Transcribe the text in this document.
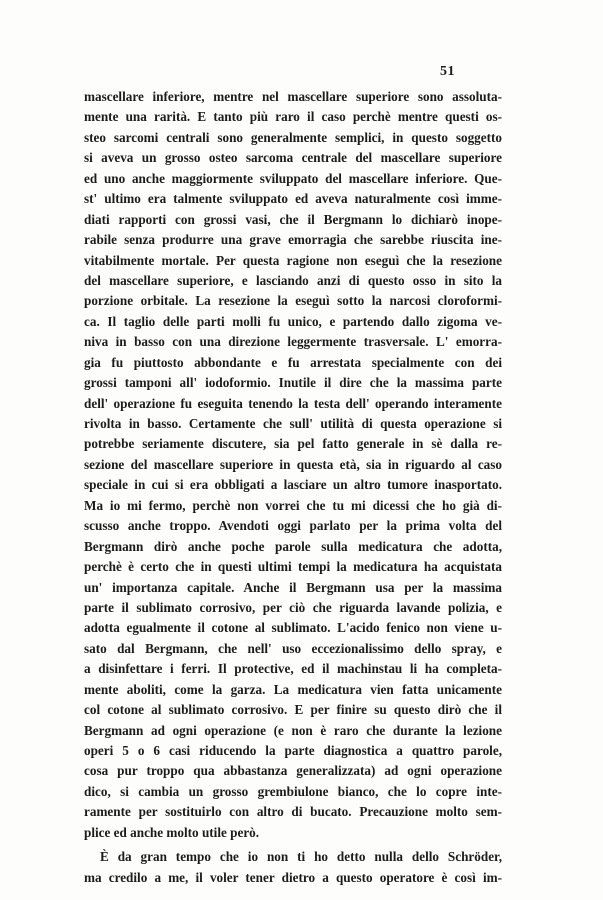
51
mascellare inferiore, mentre nel mascellare superiore sono assoluta-
mente una rarità. E tanto più raro il caso perchè mentre questi os-
steo sarcomi centrali sono generalmente semplici, in questo soggetto
si aveva un grosso osteo sarcoma centrale del mascellare superiore
ed uno anche maggiormente sviluppato del mascellare inferiore. Que-
st' ultimo era talmente sviluppato ed aveva naturalmente così imme-
diati rapporti con grossi vasi, che il Bergmann lo dichiarò inope-
rabile senza produrre una grave emorragia che sarebbe riuscita ine-
vitabilmente mortale. Per questa ragione non eseguì che la resezione
del mascellare superiore, e lasciando anzi di questo osso in sito la
porzione orbitale. La resezione la eseguì sotto la narcosi cloroformi-
ca. Il taglio delle parti molli fu unico, e partendo dallo zigoma ve-
niva in basso con una direzione leggermente trasversale. L' emorra-
gia fu piuttosto abbondante e fu arrestata specialmente con dei
grossi tamponi all' iodoformio. Inutile il dire che la massima parte
dell' operazione fu eseguita tenendo la testa dell' operando interamente
rivolta in basso. Certamente che sull' utilità di questa operazione si
potrebbe seriamente discutere, sia pel fatto generale in sè dalla re-
sezione del mascellare superiore in questa età, sia in riguardo al caso
speciale in cui si era obbligati a lasciare un altro tumore inasportato.
Ma io mi fermo, perchè non vorrei che tu mi dicessi che ho già di-
scusso anche troppo. Avendoti oggi parlato per la prima volta del
Bergmann dirò anche poche parole sulla medicatura che adotta,
perchè è certo che in questi ultimi tempi la medicatura ha acquistata
un' importanza capitale. Anche il Bergmann usa per la massima
parte il sublimato corrosivo, per ciò che riguarda lavande polizia, e
adotta egualmente il cotone al sublimato. L'acido fenico non viene u-
sato dal Bergmann, che nell' uso eccezionalissimo dello spray, e
a disinfettare i ferri. Il protective, ed il machinstau li ha completa-
mente aboliti, come la garza. La medicatura vien fatta unicamente
col cotone al sublimato corrosivo. E per finire su questo dirò che il
Bergmann ad ogni operazione (e non è raro che durante la lezione
operi 5 o 6 casi riducendo la parte diagnostica a quattro parole,
cosa pur troppo qua abbastanza generalizzata) ad ogni operazione
dico, si cambia un grosso grembiulone bianco, che lo copre inte-
ramente per sostituirlo con altro di bucato. Precauzione molto sem-
plice ed anche molto utile però.
È da gran tempo che io non ti ho detto nulla dello Schröder,
ma credilo a me, il voler tener dietro a questo operatore è così im-
